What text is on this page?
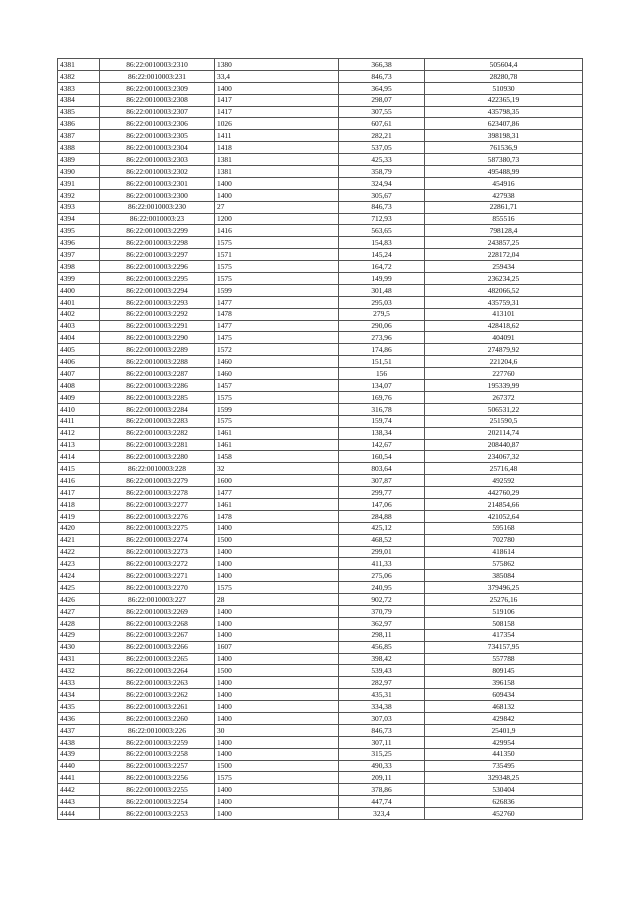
4381	86:22:0010003:2310	1380	366,38	505604,4
4382	86:22:0010003:231	33,4	846,73	28280,78
4383	86:22:0010003:2309	1400	364,95	510930
4384	86:22:0010003:2308	1417	298,07	422365,19
4385	86:22:0010003:2307	1417	307,55	435798,35
4386	86:22:0010003:2306	1026	607,61	623407,86
4387	86:22:0010003:2305	1411	282,21	398198,31
4388	86:22:0010003:2304	1418	537,05	761536,9
4389	86:22:0010003:2303	1381	425,33	587380,73
4390	86:22:0010003:2302	1381	358,79	495488,99
4391	86:22:0010003:2301	1400	324,94	454916
4392	86:22:0010003:2300	1400	305,67	427938
4393	86:22:0010003:230	27	846,73	22861,71
4394	86:22:0010003:23	1200	712,93	855516
4395	86:22:0010003:2299	1416	563,65	798128,4
4396	86:22:0010003:2298	1575	154,83	243857,25
4397	86:22:0010003:2297	1571	145,24	228172,04
4398	86:22:0010003:2296	1575	164,72	259434
4399	86:22:0010003:2295	1575	149,99	236234,25
4400	86:22:0010003:2294	1599	301,48	482066,52
4401	86:22:0010003:2293	1477	295,03	435759,31
4402	86:22:0010003:2292	1478	279,5	413101
4403	86:22:0010003:2291	1477	290,06	428418,62
4404	86:22:0010003:2290	1475	273,96	404091
4405	86:22:0010003:2289	1572	174,86	274879,92
4406	86:22:0010003:2288	1460	151,51	221204,6
4407	86:22:0010003:2287	1460	156	227760
4408	86:22:0010003:2286	1457	134,07	195339,99
4409	86:22:0010003:2285	1575	169,76	267372
4410	86:22:0010003:2284	1599	316,78	506531,22
4411	86:22:0010003:2283	1575	159,74	251590,5
4412	86:22:0010003:2282	1461	138,34	202114,74
4413	86:22:0010003:2281	1461	142,67	208440,87
4414	86:22:0010003:2280	1458	160,54	234067,32
4415	86:22:0010003:228	32	803,64	25716,48
4416	86:22:0010003:2279	1600	307,87	492592
4417	86:22:0010003:2278	1477	299,77	442760,29
4418	86:22:0010003:2277	1461	147,06	214854,66
4419	86:22:0010003:2276	1478	284,88	421052,64
4420	86:22:0010003:2275	1400	425,12	595168
4421	86:22:0010003:2274	1500	468,52	702780
4422	86:22:0010003:2273	1400	299,01	418614
4423	86:22:0010003:2272	1400	411,33	575862
4424	86:22:0010003:2271	1400	275,06	385084
4425	86:22:0010003:2270	1575	240,95	379496,25
4426	86:22:0010003:227	28	902,72	25276,16
4427	86:22:0010003:2269	1400	370,79	519106
4428	86:22:0010003:2268	1400	362,97	508158
4429	86:22:0010003:2267	1400	298,11	417354
4430	86:22:0010003:2266	1607	456,85	734157,95
4431	86:22:0010003:2265	1400	398,42	557788
4432	86:22:0010003:2264	1500	539,43	809145
4433	86:22:0010003:2263	1400	282,97	396158
4434	86:22:0010003:2262	1400	435,31	609434
4435	86:22:0010003:2261	1400	334,38	468132
4436	86:22:0010003:2260	1400	307,03	429842
4437	86:22:0010003:226	30	846,73	25401,9
4438	86:22:0010003:2259	1400	307,11	429954
4439	86:22:0010003:2258	1400	315,25	441350
4440	86:22:0010003:2257	1500	490,33	735495
4441	86:22:0010003:2256	1575	209,11	329348,25
4442	86:22:0010003:2255	1400	378,86	530404
4443	86:22:0010003:2254	1400	447,74	626836
4444	86:22:0010003:2253	1400	323,4	452760
